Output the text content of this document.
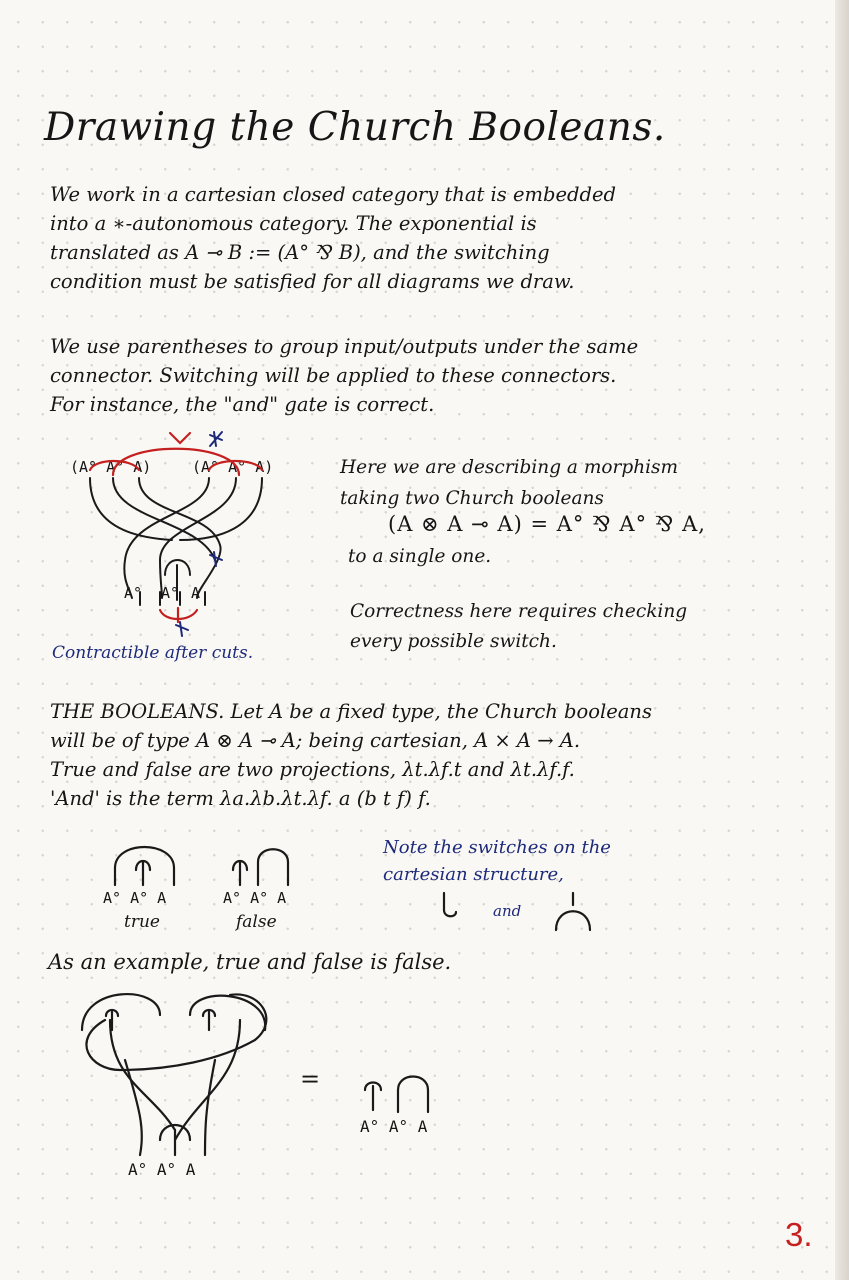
Drawing the Church Booleans.
We work in a cartesian closed category that is embedded
into a ∗-autonomous category. The exponential is
translated as A ⊸ B := (A° ⅋ B), and the switching
condition must be satisfied for all diagrams we draw.
We use parentheses to group input/outputs under the same
connector. Switching will be applied to these connectors.
For instance, the "and" gate is correct.
(A° A° A)	(A° A° A)
A° A° A
Contractible after cuts.
Here we are describing a morphism
taking two Church booleans
(A ⊗ A ⊸ A) = A° ⅋ A° ⅋ A,
to a single one.
Correctness here requires checking
every possible switch.
THE BOOLEANS. Let A be a fixed type, the Church booleans
will be of type A ⊗ A ⊸ A; being cartesian, A × A → A.
True and false are two projections, λt.λf.t and λt.λf.f.
'And' is the term λa.λb.λt.λf. a (b t f) f.
A° A° A	A° A° A
true	false
Note the switches on the
cartesian structure,
and
As an example, true and false is false.
A° A° A
=
A° A° A
3.
